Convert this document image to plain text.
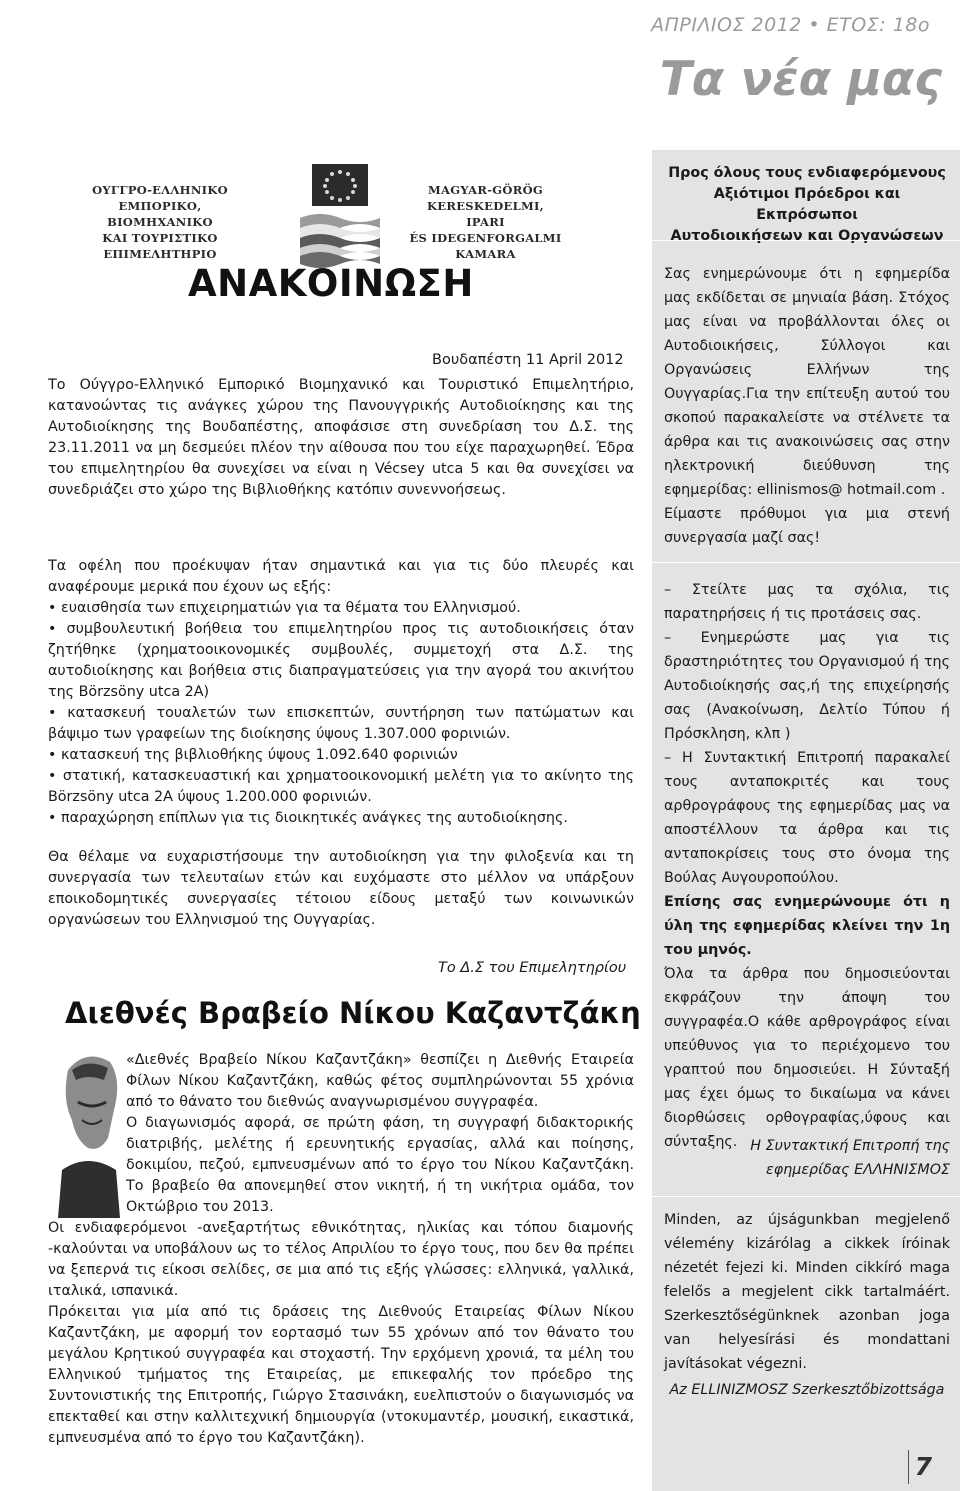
ΑΠΡΙΛΙΟΣ 2012 • ΕΤΟΣ: 18ο
Τα νέα μας
ΟΥΓΓΡΟ-ΕΛΛΗΝΙΚΟ
ΕΜΠΟΡΙΚΟ, ΒΙΟΜΗΧΑΝΙΚΟ
ΚΑΙ ΤΟΥΡΙΣΤΙΚΟ
ΕΠΙΜΕΛΗΤΗΡΙΟ
MAGYAR-GÖRÖG
KERESKEDELMI, IPARI
ÉS IDEGENFORGALMI
KAMARA
ΑΝΑΚΟΙΝΩΣΗ
Βουδαπέστη 11 April 2012

Το Ούγγρο-Ελληνικό Εμπορικό Βιομηχανικό και Τουριστικό Επιμελητήριο, κατανοώντας τις ανάγκες χώρου της Πανουγγρικής Αυτοδιοίκησης και της Αυτοδιοίκησης της Βουδαπέστης, αποφάσισε στη συνεδρίαση του Δ.Σ. της 23.11.2011 να μη δεσμεύει πλέον την αίθουσα που του είχε παραχωρηθεί. Έδρα του επιμελητηρίου θα συνεχίσει να είναι η Vécsey utca 5 και θα συνεχίσει να συνεδριάζει στο χώρο της Βιβλιοθήκης κατόπιν συνεννοήσεως.

Τα οφέλη που προέκυψαν ήταν σημαντικά και για τις δύο πλευρές και αναφέρουμε μερικά που έχουν ως εξής:

• ευαισθησία των επιχειρηματιών για τα θέματα του Ελληνισμού.

• συμβουλευτική βοήθεια του επιμελητηρίου προς τις αυτοδιοικήσεις όταν ζητήθηκε (χρηματοοικονομικές συμβουλές, συμμετοχή στα Δ.Σ. της αυτοδιοίκησης και βοήθεια στις διαπραγματεύσεις για την αγορά του ακινήτου της Börzsöny utca 2A)

• κατασκευή τουαλετών των επισκεπτών, συντήρηση των πατώματων και βάψιμο των γραφείων της διοίκησης ύψους 1.307.000 φορινιών.

• κατασκευή της βιβλιοθήκης ύψους 1.092.640 φορινιών

• στατική, κατασκευαστική και χρηματοοικονομική μελέτη για το ακίνητο της Börzsöny utca 2A ύψους 1.200.000 φορινιών.

• παραχώρηση επίπλων για τις διοικητικές ανάγκες της αυτοδιοίκησης.

Θα θέλαμε να ευχαριστήσουμε την αυτοδιοίκηση για την φιλοξενία και τη συνεργασία των τελευταίων ετών και ευχόμαστε στο μέλλον να υπάρξουν εποικοδομητικές συνεργασίες τέτοιου είδους μεταξύ των κοινωνικών οργανώσεων του Ελληνισμού της Ουγγαρίας.

Το Δ.Σ του Επιμελητηρίου
Διεθνές Βραβείο Νίκου Καζαντζάκη

«Διεθνές Βραβείο Νίκου Καζαντζάκη» θεσπίζει η Διεθνής Εταιρεία Φίλων Νίκου Καζαντζάκη, καθώς φέτος συμπληρώνονται 55 χρόνια από το θάνατο του διεθνώς αναγνωρισμένου συγγραφέα.

Ο διαγωνισμός αφορά, σε πρώτη φάση, τη συγγραφή διδακτορικής διατριβής, μελέτης ή ερευνητικής εργασίας, αλλά και ποίησης, δοκιμίου, πεζού, εμπνευσμένων από το έργο του Νίκου Καζαντζάκη. Το βραβείο θα απονεμηθεί στον νικητή, ή τη νικήτρια ομάδα, τον Οκτώβριο του 2013.

Οι ενδιαφερόμενοι -ανεξαρτήτως εθνικότητας, ηλικίας και τόπου διαμονής -καλούνται να υποβάλουν ως το τέλος Απριλίου το έργο τους, που δεν θα πρέπει να ξεπερνά τις είκοσι σελίδες, σε μια από τις εξής γλώσσες: ελληνικά, γαλλικά, ιταλικά, ισπανικά.

Πρόκειται για μία από τις δράσεις της Διεθνούς Εταιρείας Φίλων Νίκου Καζαντζάκη, με αφορμή τον εορτασμό των 55 χρόνων από τον θάνατο του μεγάλου Κρητικού συγγραφέα και στοχαστή. Την ερχόμενη χρονιά, τα μέλη του Ελληνικού τμήματος της Εταιρείας, με επικεφαλής τον πρόεδρο της Συντονιστικής της Επιτροπής, Γιώργο Στασινάκη, ευελπιστούν ο διαγωνισμός να επεκταθεί και στην καλλιτεχνική δημιουργία (ντοκυμαντέρ, μουσική, εικαστικά, εμπνευσμένα από το έργο του Καζαντζάκη).

Προς όλους τους ενδιαφερόμενους
Αξιότιμοι Πρόεδροι και Εκπρόσωποι
Αυτοδιοικήσεων και Οργανώσεων

Σας ενημερώνουμε ότι η εφημερίδα μας εκδίδεται σε μηνιαία βάση. Στόχος μας είναι να προβάλλονται όλες οι Αυτοδιοικήσεις, Σύλλογοι και Οργανώσεις Ελλήνων της Ουγγαρίας.Για την επίτευξη αυτού του σκοπού παρακαλείστε να στέλνετε τα άρθρα και τις ανακοινώσεις σας στην ηλεκτρονική διεύθυνση της εφημερίδας: ellinismos@ hotmail.com .

Είμαστε πρόθυμοι για μια στενή συνεργασία μαζί σας!

– Στείλτε μας τα σχόλια, τις παρατηρήσεις ή τις προτάσεις σας.

– Ενημερώστε μας για τις δραστηριότητες του Οργανισμού ή της Αυτοδιοίκησής σας,ή της επιχείρησής σας (Ανακοίνωση, Δελτίο Τύπου ή Πρόσκληση, κλπ )

– Η Συντακτική Επιτροπή παρακαλεί τους ανταποκριτές και τους αρθρογράφους της εφημερίδας μας να αποστέλλουν τα άρθρα και τις ανταποκρίσεις τους στο όνομα της Βούλας Αυγουροπούλου.

Επίσης σας ενημερώνουμε ότι η ύλη της εφημερίδας κλείνει την 1η του μηνός.

Όλα τα άρθρα που δημοσιεύονται εκφράζουν την άποψη του συγγραφέα.Ο κάθε αρθρογράφος είναι υπεύθυνος για το περιέχομενο του γραπτού που δημοσιεύει. Η Σύνταξή μας έχει όμως το δικαίωμα να κάνει διορθώσεις ορθογραφίας,ύφους και σύνταξης. Η Συντακτική Επιτροπή της εφημερίδας ΕΛΛΗΝΙΣΜΟΣ

Minden, az újságunkban megjelenő vélemény kizárólag a cikkek íróinak nézetét fejezi ki. Minden cikkíró maga felelős a megjelent cikk tartalmáért. Szerkesztőségünknek azonban joga van helyesírási és mondattani javításokat végezni.

Az ELLINIZMOSZ Szerkesztőbizottsága
7
